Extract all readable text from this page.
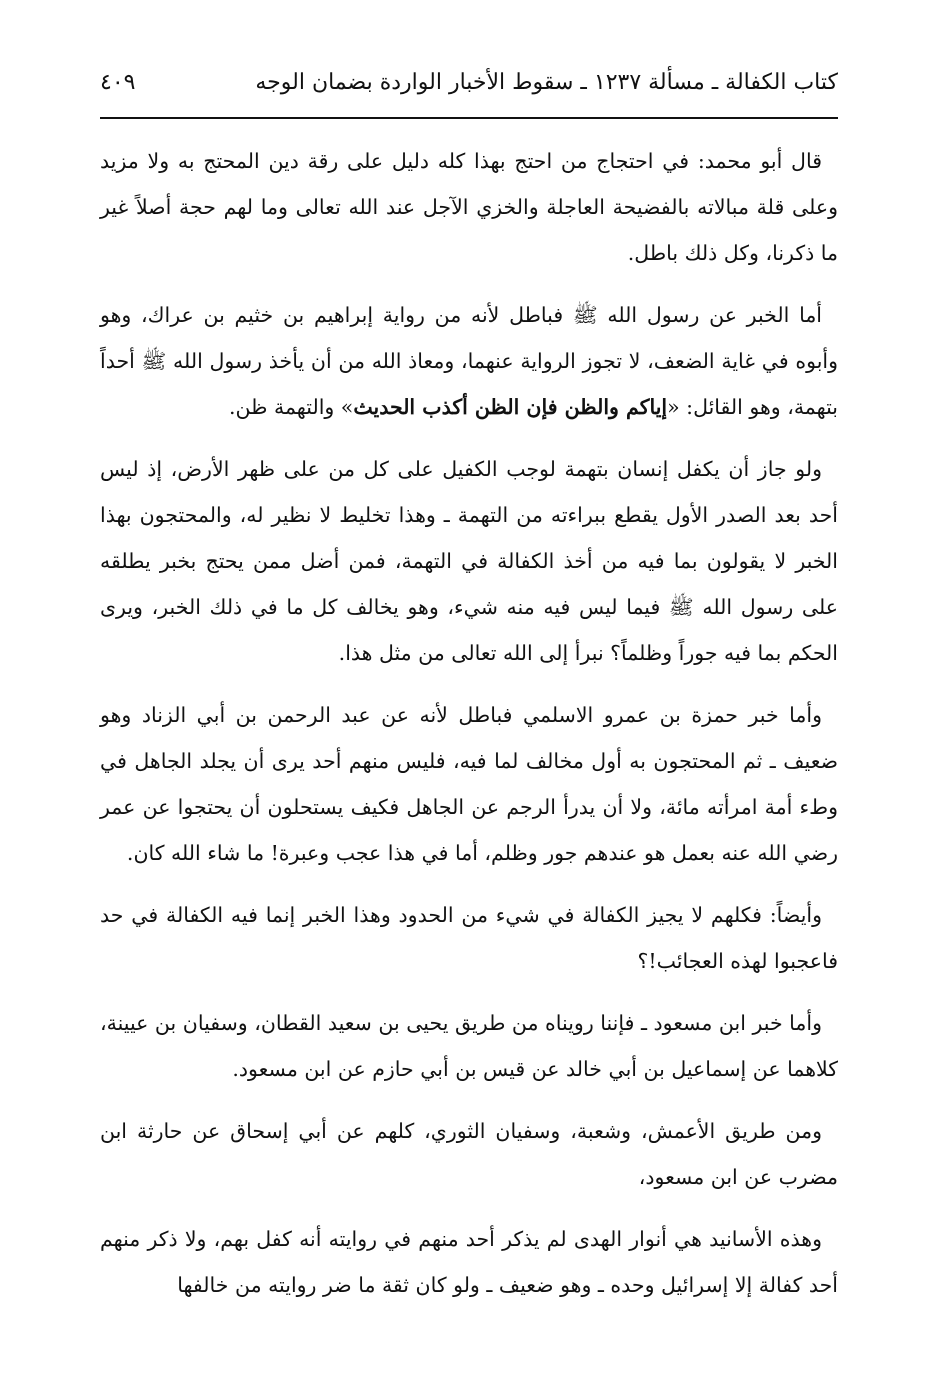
كتاب الكفالة ـ مسألة ١٢٣٧ ـ سقوط الأخبار الواردة بضمان الوجه
٤٠٩

قال أبو محمد: في احتجاج من احتج بهذا كله دليل على رقة دين المحتج به ولا مزيد وعلى قلة مبالاته بالفضيحة العاجلة والخزي الآجل عند الله تعالى وما لهم حجة أصلاً غير ما ذكرنا، وكل ذلك باطل.

أما الخبر عن رسول الله ﷺ فباطل لأنه من رواية إبراهيم بن خثيم بن عراك، وهو وأبوه في غاية الضعف، لا تجوز الرواية عنهما، ومعاذ الله من أن يأخذ رسول الله ﷺ أحداً بتهمة، وهو القائل: «إياكم والظن فإن الظن أكذب الحديث» والتهمة ظن.

ولو جاز أن يكفل إنسان بتهمة لوجب الكفيل على كل من على ظهر الأرض، إذ ليس أحد بعد الصدر الأول يقطع ببراءته من التهمة ـ وهذا تخليط لا نظير له، والمحتجون بهذا الخبر لا يقولون بما فيه من أخذ الكفالة في التهمة، فمن أضل ممن يحتج بخبر يطلقه على رسول الله ﷺ فيما ليس فيه منه شيء، وهو يخالف كل ما في ذلك الخبر، ويرى الحكم بما فيه جوراً وظلماً؟ نبرأ إلى الله تعالى من مثل هذا.

وأما خبر حمزة بن عمرو الاسلمي فباطل لأنه عن عبد الرحمن بن أبي الزناد وهو ضعيف ـ ثم المحتجون به أول مخالف لما فيه، فليس منهم أحد يرى أن يجلد الجاهل في وطء أمة امرأته مائة، ولا أن يدرأ الرجم عن الجاهل فكيف يستحلون أن يحتجوا عن عمر رضي الله عنه بعمل هو عندهم جور وظلم، أما في هذا عجب وعبرة! ما شاء الله كان.

وأيضاً: فكلهم لا يجيز الكفالة في شيء من الحدود وهذا الخبر إنما فيه الكفالة في حد فاعجبوا لهذه العجائب!؟

وأما خبر ابن مسعود ـ فإننا رويناه من طريق يحيى بن سعيد القطان، وسفيان بن عيينة، كلاهما عن إسماعيل بن أبي خالد عن قيس بن أبي حازم عن ابن مسعود.

ومن طريق الأعمش، وشعبة، وسفيان الثوري، كلهم عن أبي إسحاق عن حارثة ابن مضرب عن ابن مسعود،

وهذه الأسانيد هي أنوار الهدى لم يذكر أحد منهم في روايته أنه كفل بهم، ولا ذكر منهم أحد كفالة إلا إسرائيل وحده ـ وهو ضعيف ـ ولو كان ثقة ما ضر روايته من خالفها
